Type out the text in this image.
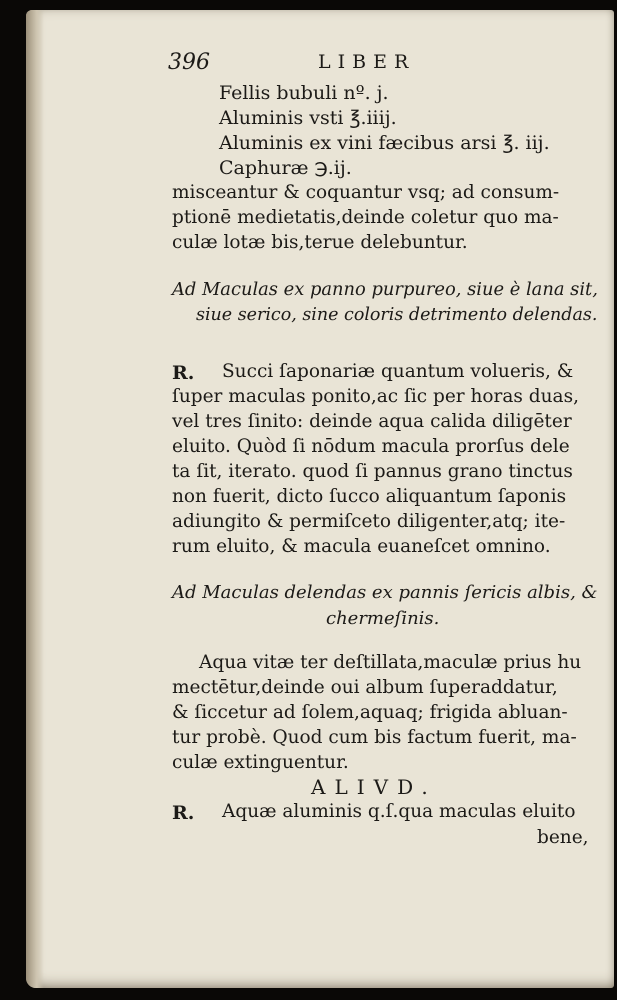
396	LIBER
Fellis bubuli nº. j.
Aluminis vsti ℥.iiij.
Aluminis ex vini fæcibus arsi ℥. iij.
Caphuræ ℈.ij.
misceantur & coquantur vsq; ad consum-
ptionē medietatis,deinde coletur quo ma-
culæ lotæ bis,terue delebuntur.
Ad Maculas ex panno purpureo, siue è lana sit,
siue serico, sine coloris detrimento delendas.
R. Succi ſaponariæ quantum volueris, &
ſuper maculas ponito,ac ſic per horas duas,
vel tres ſinito: deinde aqua calida diligēter
eluito. Quòd ſi nōdum macula prorſus dele
ta ſit, iterato. quod ſi pannus grano tinctus
non fuerit, dicto ſucco aliquantum ſaponis
adiungito & permiſceto diligenter,atq; ite-
rum eluito, & macula euaneſcet omnino.
Ad Maculas delendas ex pannis ſericis albis, &
chermeſinis.
Aqua vitæ ter deſtillata,maculæ prius hu
mectētur,deinde oui album ſuperaddatur,
& ſiccetur ad ſolem,aquaq; frigida abluan-
tur probè. Quod cum bis factum fuerit, ma-
culæ extinguentur.
ALIVD.
R. Aquæ aluminis q.ſ.qua maculas eluito
bene,
